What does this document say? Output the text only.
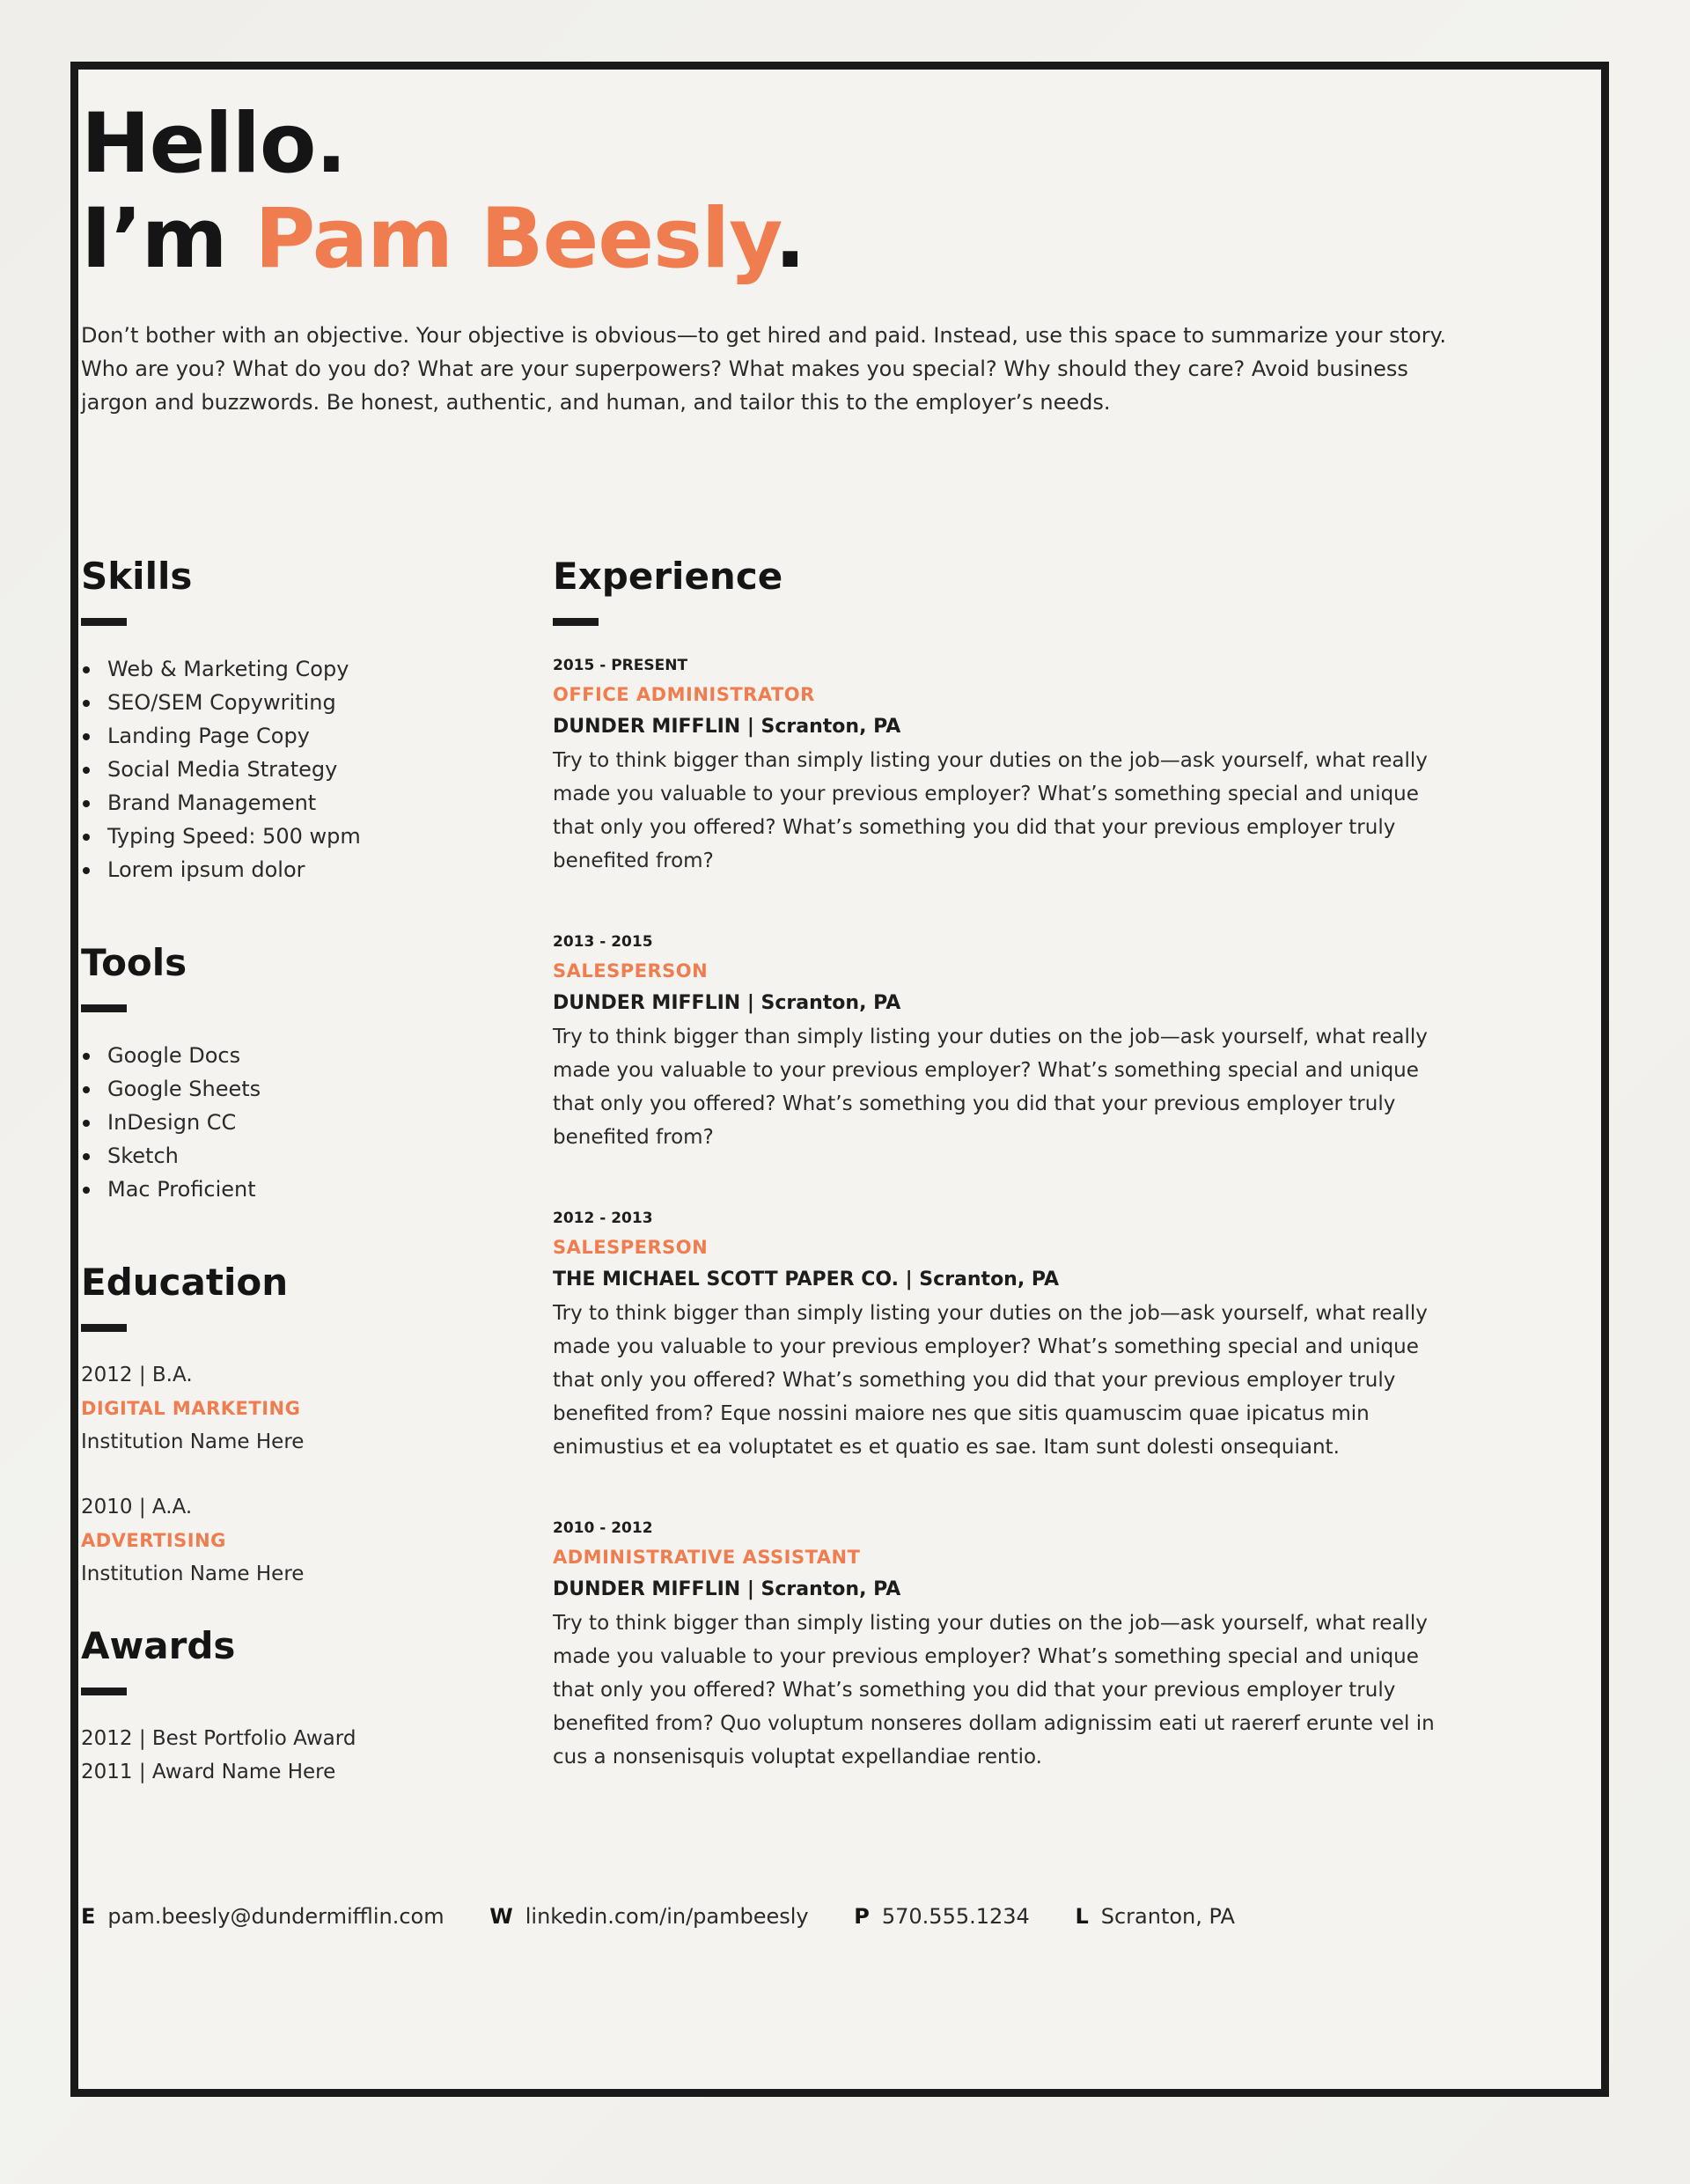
Hello.
I’m Pam Beesly.
Don’t bother with an objective. Your objective is obvious—to get hired and paid. Instead, use this space to summarize your story. Who are you? What do you do? What are your superpowers? What makes you special? Why should they care? Avoid business jargon and buzzwords. Be honest, authentic, and human, and tailor this to the employer’s needs.
Skills
Web & Marketing Copy
SEO/SEM Copywriting
Landing Page Copy
Social Media Strategy
Brand Management
Typing Speed: 500 wpm
Lorem ipsum dolor
Tools
Google Docs
Google Sheets
InDesign CC
Sketch
Mac Proficient
Education
2012 | B.A.
DIGITAL MARKETING
Institution Name Here
2010 | A.A.
ADVERTISING
Institution Name Here
Awards
2012 | Best Portfolio Award
2011 | Award Name Here
Experience
2015 - PRESENT
OFFICE ADMINISTRATOR
DUNDER MIFFLIN | Scranton, PA
Try to think bigger than simply listing your duties on the job—ask yourself, what really made you valuable to your previous employer? What’s something special and unique that only you offered? What’s something you did that your previous employer truly benefited from?
2013 - 2015
SALESPERSON
DUNDER MIFFLIN | Scranton, PA
Try to think bigger than simply listing your duties on the job—ask yourself, what really made you valuable to your previous employer? What’s something special and unique that only you offered? What’s something you did that your previous employer truly benefited from?
2012 - 2013
SALESPERSON
THE MICHAEL SCOTT PAPER CO. | Scranton, PA
Try to think bigger than simply listing your duties on the job—ask yourself, what really made you valuable to your previous employer? What’s something special and unique that only you offered? What’s something you did that your previous employer truly benefited from? Eque nossini maiore nes que sitis quamuscim quae ipicatus min enimustius et ea voluptatet es et quatio es sae. Itam sunt dolesti onsequiant.
2010 - 2012
ADMINISTRATIVE ASSISTANT
DUNDER MIFFLIN | Scranton, PA
Try to think bigger than simply listing your duties on the job—ask yourself, what really made you valuable to your previous employer? What’s something special and unique that only you offered? What’s something you did that your previous employer truly benefited from? Quo voluptum nonseres dollam adignissim eati ut raererf erunte vel in cus a nonsenisquis voluptat expellandiae rentio.
E pam.beesly@dundermifflin.com W linkedin.com/in/pambeesly P 570.555.1234 L Scranton, PA
